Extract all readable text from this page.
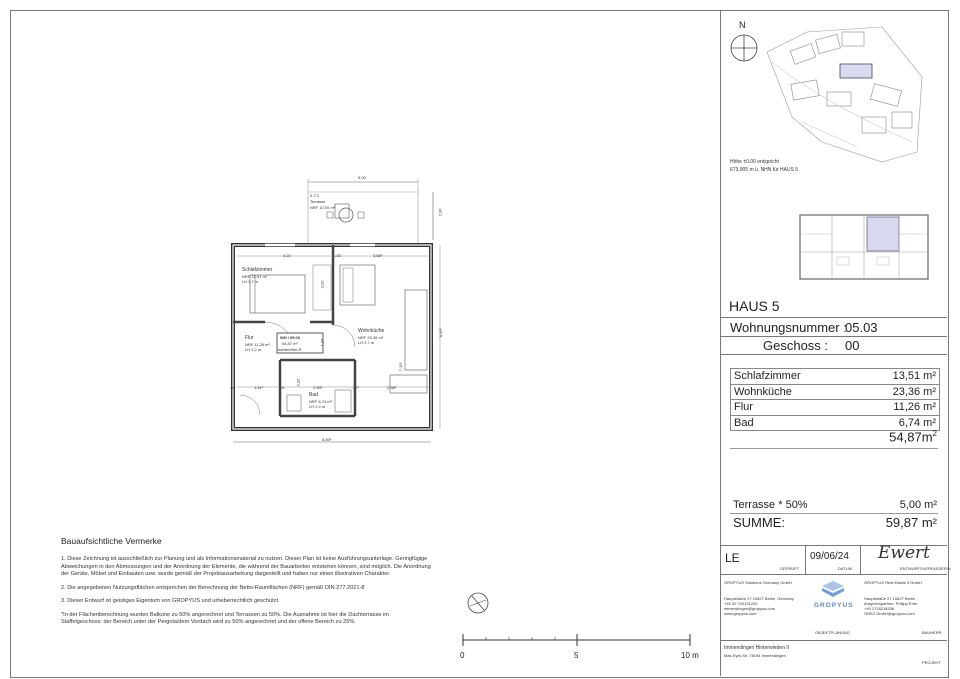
5,00
2,00
0.T.3
Terrasse
NRF 10,00 m²
4,22	1,15	3,58⁵
3,20
8,45⁵
7,15⁵
1,37
Schlafzimmer
NRF 13,51 m²
LH 2,7 m
Flur
NRF 11,26 m²
LH 2,2 m
Wohnküche
NRF 23,36 m²
LH 2,7 m
WH / 05.03
54,87 m²
barrierefrei-R
44	1,81⁵	26
2,32
2,90⁵	57⁵	2,38⁵
Bad
NRF 6,74 m²
LH 2,4 m
8,85⁵
Bauaufsichtliche Vermerke

1. Diese Zeichnung ist ausschließlich zur Planung und als Informationsmaterial zu nutzen. Dieser Plan ist keine Ausführungsunterlage. Geringfügige Abweichungen in den Abmessungen und der Anordnung der Elemente, die während der Bauarbeiten entstehen können, sind möglich. Die Anordnung der Geräte, Möbel und Einbauten usw. wurde gemäß der Projektausarbeitung dargestellt und haben nur einen illustrativen Charakter.

2. Die angegebenen Nutzungsflächen entsprechen der Berechnung der Netto-Raumflächen (NRF) gemäß DIN 277:2021-8

3. Dieser Entwurf ist geistiges Eigentum von GROPYUS und urheberrechtlich geschützt.

*In der Flächenberechnung wurden Balkone zu 50% angerechnet und Terrassen zu 50%. Die Ausnahme ist hier die Dachterrasse im Staffelgeschoss: der Bereich unter der Pergola/dem Vordach wird zu 50% angerechnet und der offene Bereich zu 25%.

0	5	10 m
N
Höhe ±0.00 entspricht
673,905 m ü. NHN für HAUS 5
HAUS 5
Wohnungsnummer :
05.03
Geschoss : 00
Schlafzimmer	13,51 m²
Wohnküche	23,36 m²
Flur	11,26 m²
Bad	6,74 m²
$54,87m^2$
Terrasse * 50%	5,00 m²
SUMME:	59,87 m²
LE
GEPRÜFT
09/06/24
DATUM
Ewert
ENTWURFSVERFASSERIN
GROPYUS Solutions Germany GmbH
Hauptstraße 27 10827 Berlin, Germany
+49 30 700101200
immendingen@gropyus.com
www.gropyus.com
GROPYUS
GROPYUS Real Estate 3 GmbH
Hauptstraße 27 10827 Berlin
Ansprechpartner: Philipp Erler
+49 1716218336
GRE2-GmbH@gropyus.com
OBJEKTPLANUNG	BAUHERR
Immendingen Hinterwieden II
Max-Eyth-Str. 78194 Immendingen
PROJEKT
